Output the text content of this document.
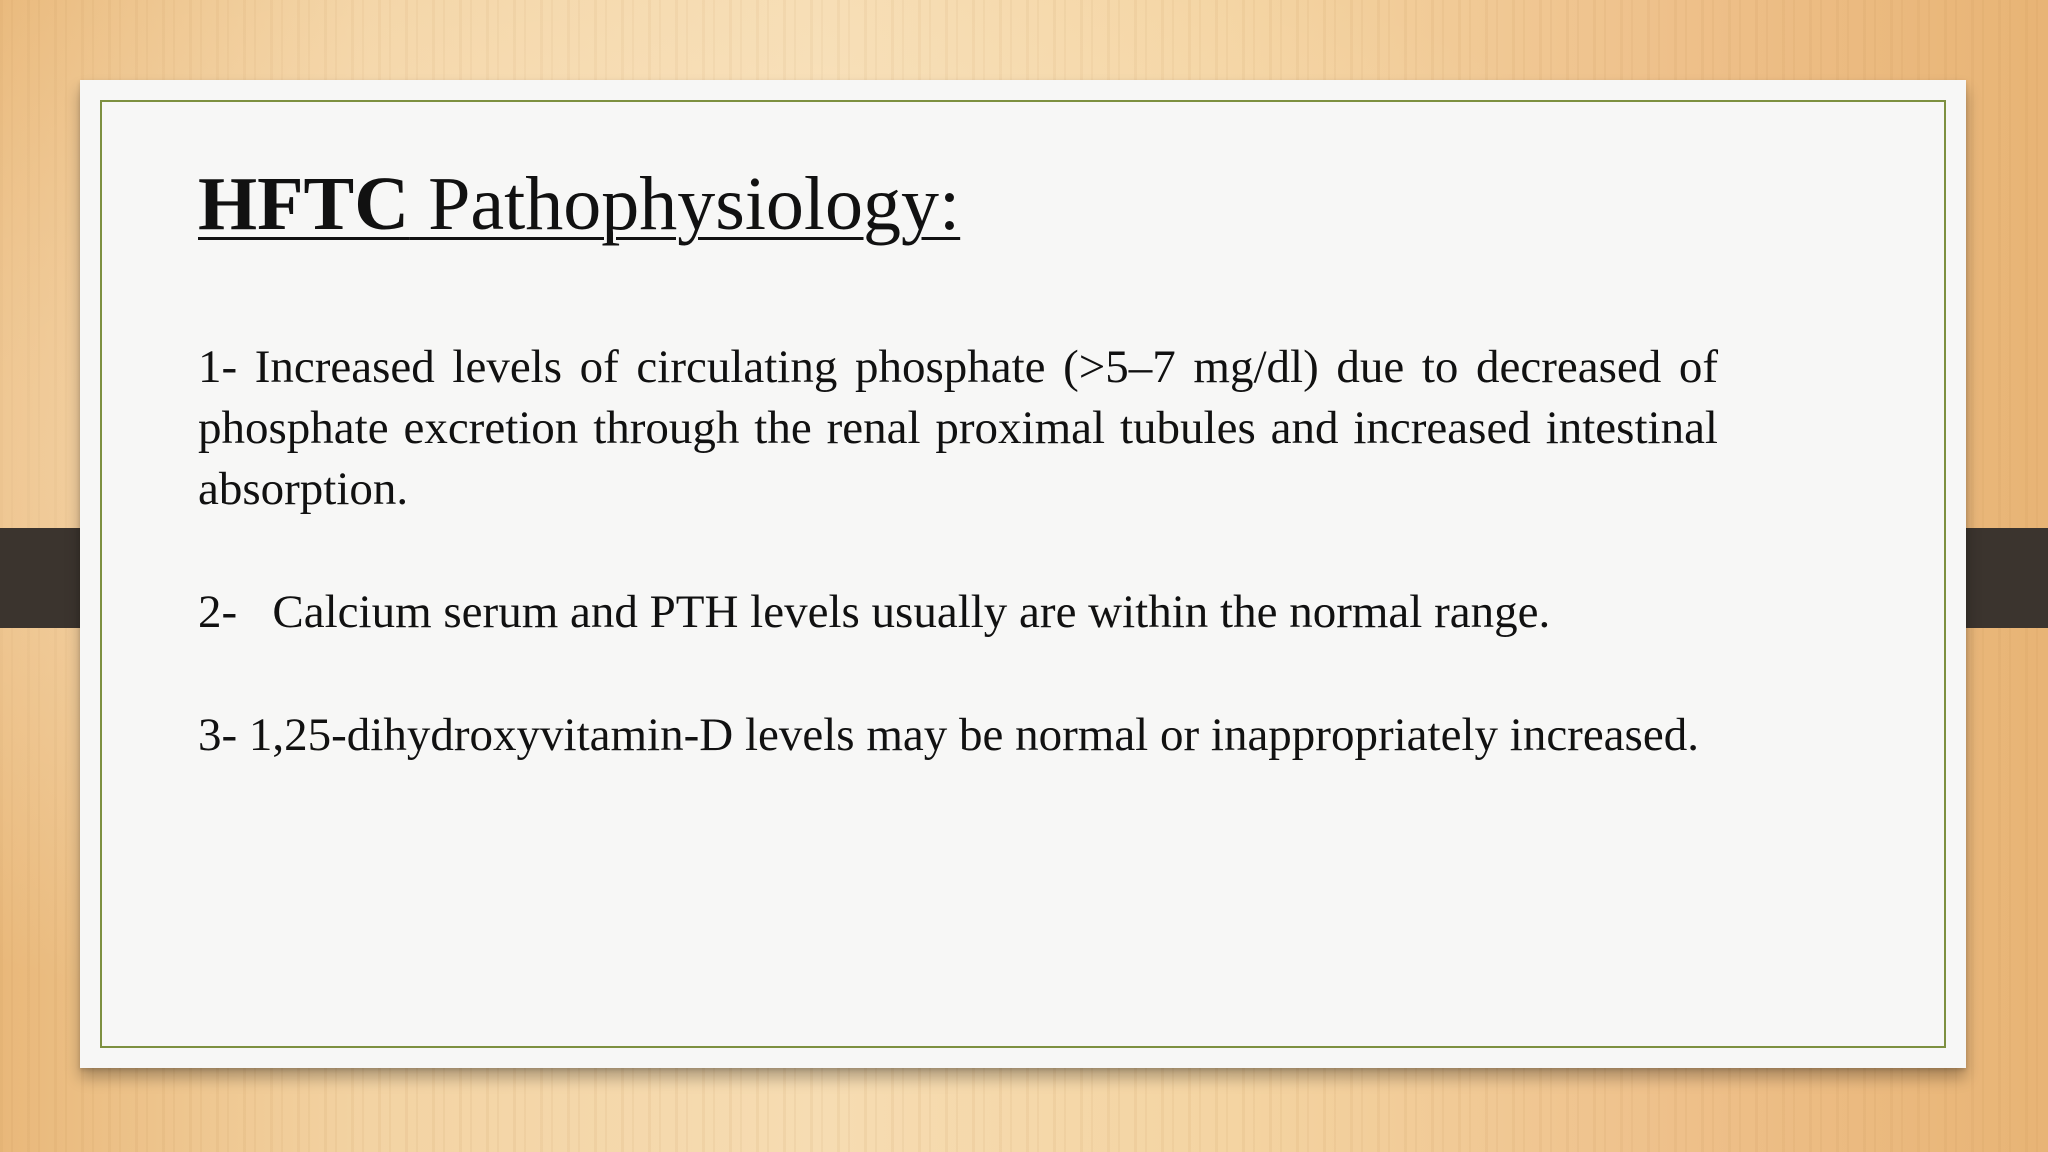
HFTC Pathophysiology:

1- Increased levels of circulating phosphate (>5–7 mg/dl) due to decreased of phosphate excretion through the renal proximal tubules and increased intestinal absorption.

2-   Calcium serum and PTH levels usually are within the normal range.

3- 1,25-dihydroxyvitamin-D levels may be normal or inappropriately increased.
